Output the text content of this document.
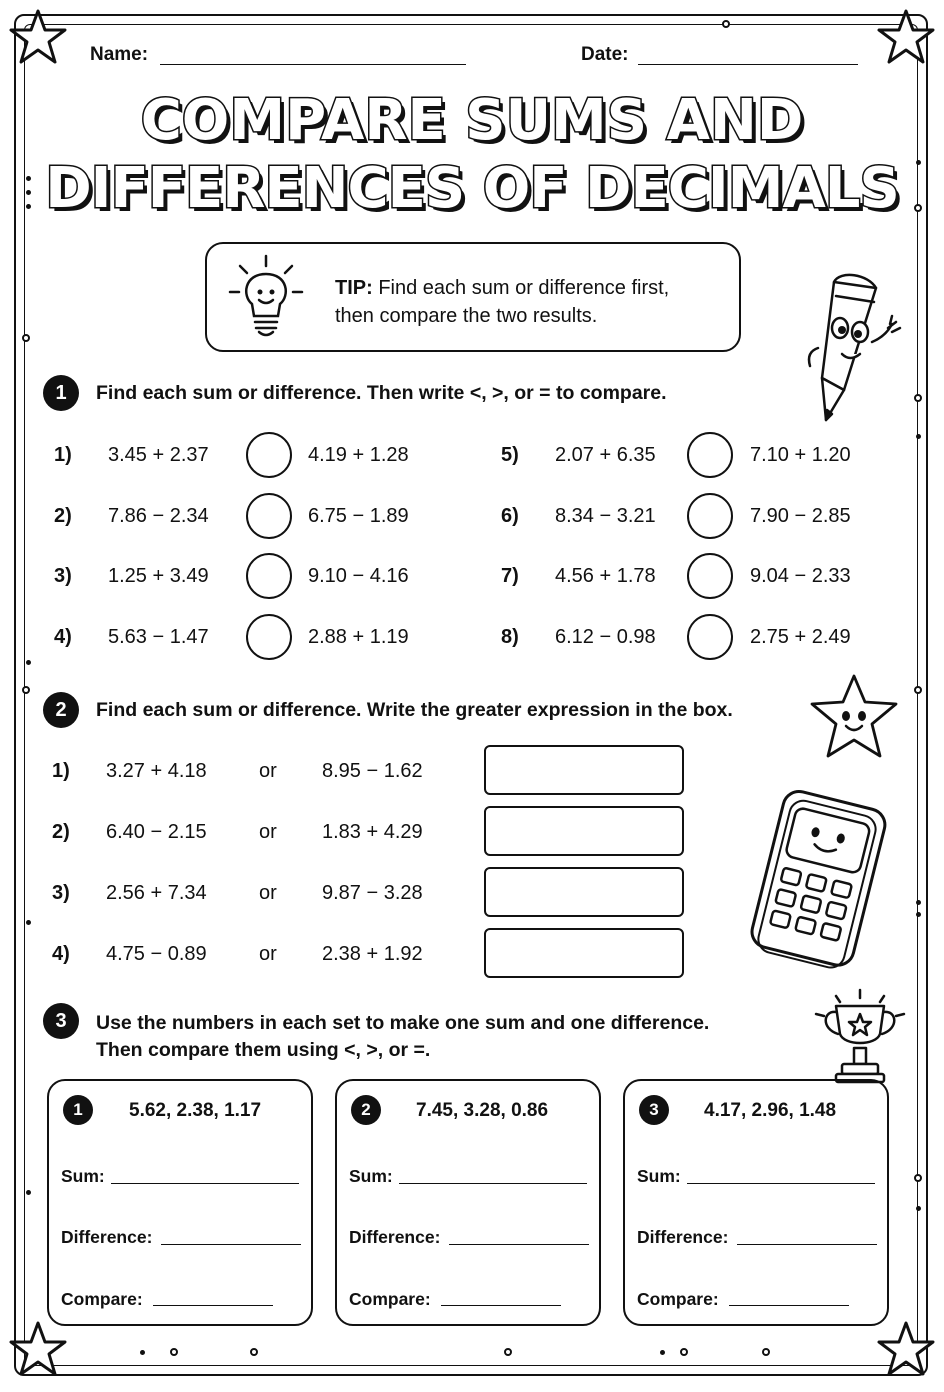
Name:	Date:
COMPARE SUMS AND
DIFFERENCES OF DECIMALS
TIP: Find each sum or difference first,
then compare the two results.
1	Find each sum or difference. Then write <, >, or = to compare.
1) 3.45 + 2.37	4.19 + 1.28
2) 7.86 − 2.34	6.75 − 1.89
3) 1.25 + 3.49	9.10 − 4.16
4) 5.63 − 1.47	2.88 + 1.19
5) 2.07 + 6.35	7.10 + 1.20
6) 8.34 − 3.21	7.90 − 2.85
7) 4.56 + 1.78	9.04 − 2.33
8) 6.12 − 0.98	2.75 + 2.49
2	Find each sum or difference. Write the greater expression in the box.
1) 3.27 + 4.18	or 8.95 − 1.62
2) 6.40 − 2.15	or 1.83 + 4.29
3) 2.56 + 7.34	or 9.87 − 3.28
4) 4.75 − 0.89	or 2.38 + 1.92
3	Use the numbers in each set to make one sum and one difference.
Then compare them using <, >, or =.
1	5.62, 2.38, 1.17
Sum:
Difference:
Compare:
2	7.45, 3.28, 0.86
Sum:
Difference:
Compare:
3	4.17, 2.96, 1.48
Sum:
Difference:
Compare:
